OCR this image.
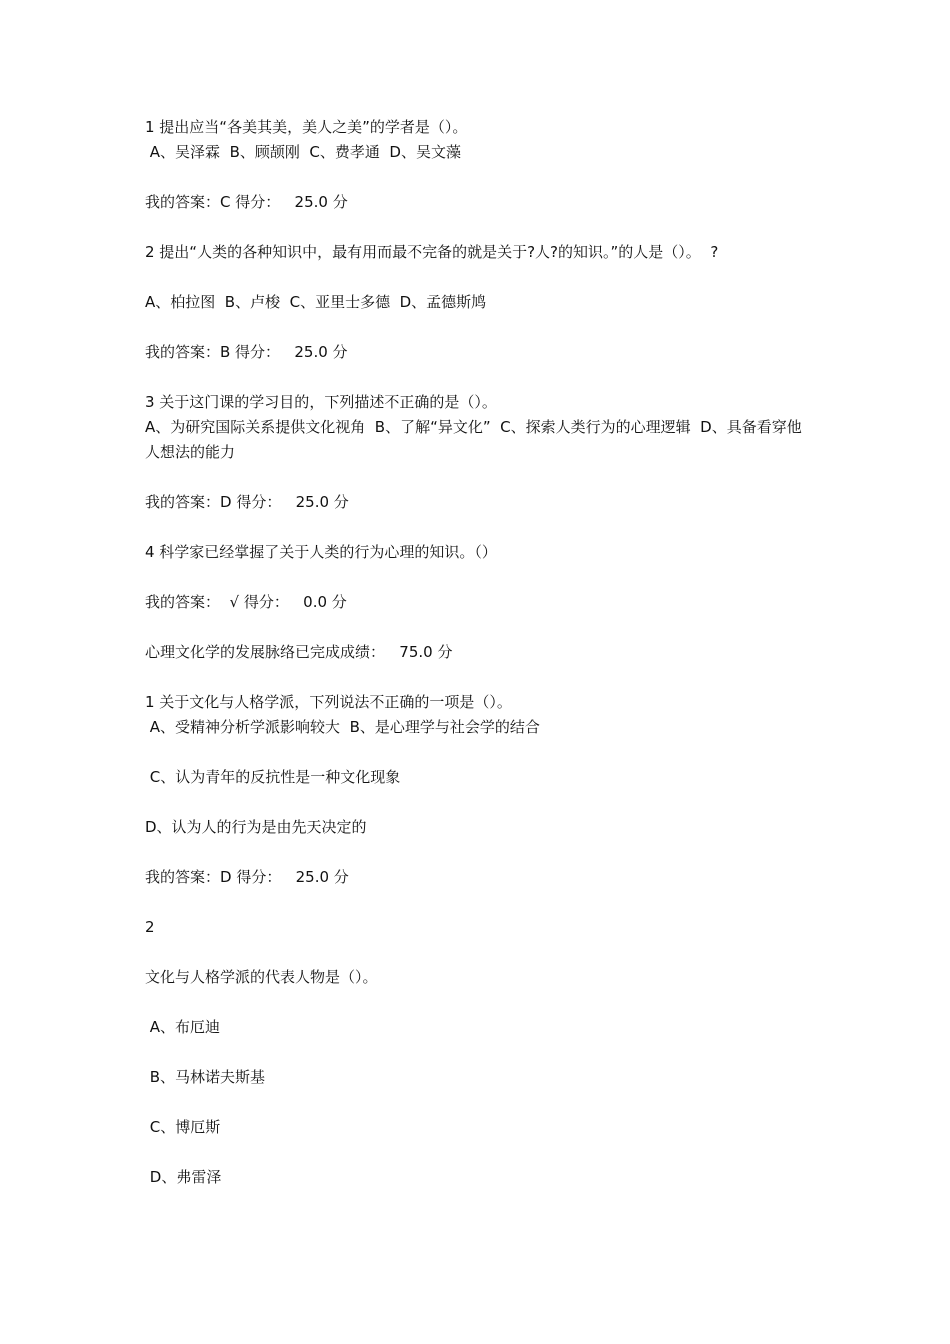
1 提出应当“各美其美，美人之美”的学者是（）。
A、吴泽霖  B、顾颉刚  C、费孝通  D、吴文藻
我的答案：C 得分：   25.0 分
2 提出“人类的各种知识中，最有用而最不完备的就是关于?人?的知识。”的人是（）。  ?
A、柏拉图  B、卢梭  C、亚里士多德  D、孟德斯鸠
我的答案：B 得分：   25.0 分
3 关于这门课的学习目的，下列描述不正确的是（）。
A、为研究国际关系提供文化视角  B、了解“异文化”  C、探索人类行为的心理逻辑  D、具备看穿他人想法的能力
我的答案：D 得分：   25.0 分
4 科学家已经掌握了关于人类的行为心理的知识。（）
我的答案：  √ 得分：   0.0 分
心理文化学的发展脉络已完成成绩：   75.0 分
1 关于文化与人格学派，下列说法不正确的一项是（）。
A、受精神分析学派影响较大  B、是心理学与社会学的结合
C、认为青年的反抗性是一种文化现象
D、认为人的行为是由先天决定的
我的答案：D 得分：   25.0 分
2
文化与人格学派的代表人物是（）。
A、布厄迪
B、马林诺夫斯基
C、博厄斯
D、弗雷泽
